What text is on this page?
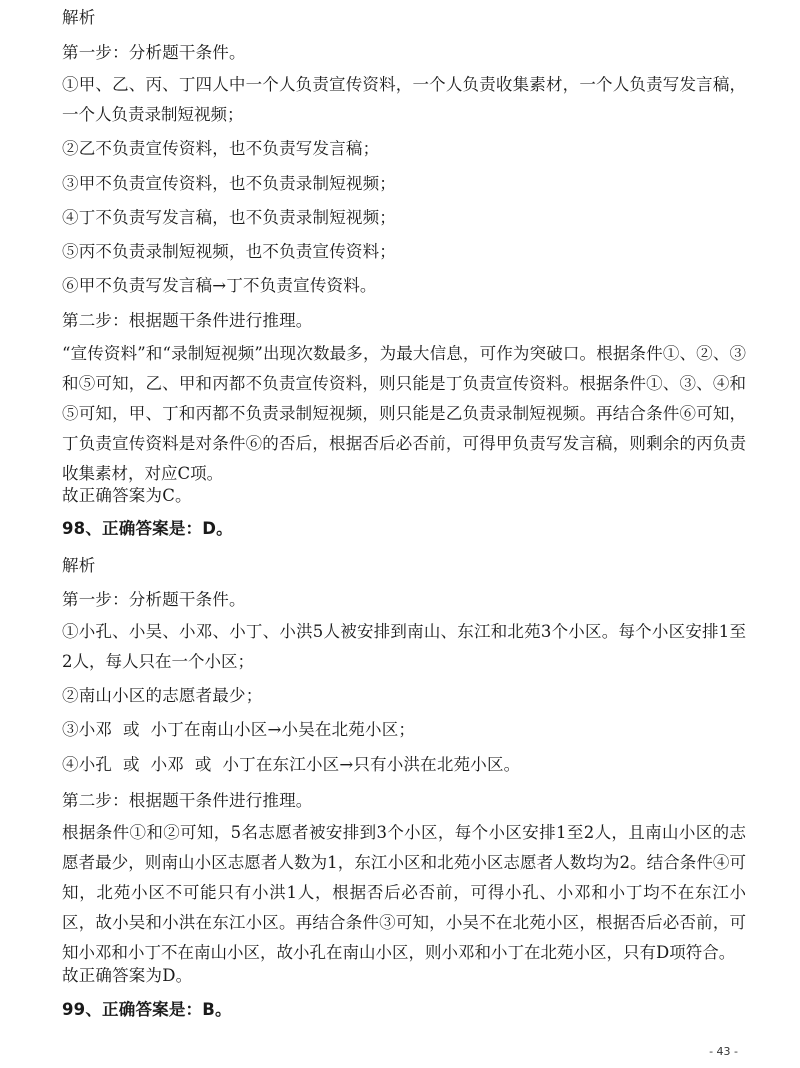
解析
第一步：分析题干条件。
①甲、乙、丙、丁四人中一个人负责宣传资料，一个人负责收集素材，一个人负责写发言稿，一个人负责录制短视频；
②乙不负责宣传资料，也不负责写发言稿；
③甲不负责宣传资料，也不负责录制短视频；
④丁不负责写发言稿，也不负责录制短视频；
⑤丙不负责录制短视频，也不负责宣传资料；
⑥甲不负责写发言稿→丁不负责宣传资料。
第二步：根据题干条件进行推理。
“宣传资料”和“录制短视频”出现次数最多，为最大信息，可作为突破口。根据条件①、②、③和⑤可知，乙、甲和丙都不负责宣传资料，则只能是丁负责宣传资料。根据条件①、③、④和⑤可知，甲、丁和丙都不负责录制短视频，则只能是乙负责录制短视频。再结合条件⑥可知，丁负责宣传资料是对条件⑥的否后，根据否后必否前，可得甲负责写发言稿，则剩余的丙负责收集素材，对应C项。
故正确答案为C。
98、正确答案是：D。
解析
第一步：分析题干条件。
①小孔、小吴、小邓、小丁、小洪5人被安排到南山、东江和北苑3个小区。每个小区安排1至2人，每人只在一个小区；
②南山小区的志愿者最少；
③小邓  或  小丁在南山小区→小吴在北苑小区；
④小孔  或  小邓  或  小丁在东江小区→只有小洪在北苑小区。
第二步：根据题干条件进行推理。
根据条件①和②可知，5名志愿者被安排到3个小区，每个小区安排1至2人，且南山小区的志愿者最少，则南山小区志愿者人数为1，东江小区和北苑小区志愿者人数均为2。结合条件④可知，北苑小区不可能只有小洪1人，根据否后必否前，可得小孔、小邓和小丁均不在东江小区，故小吴和小洪在东江小区。再结合条件③可知，小吴不在北苑小区，根据否后必否前，可知小邓和小丁不在南山小区，故小孔在南山小区，则小邓和小丁在北苑小区，只有D项符合。
故正确答案为D。
99、正确答案是：B。
- 43 -
